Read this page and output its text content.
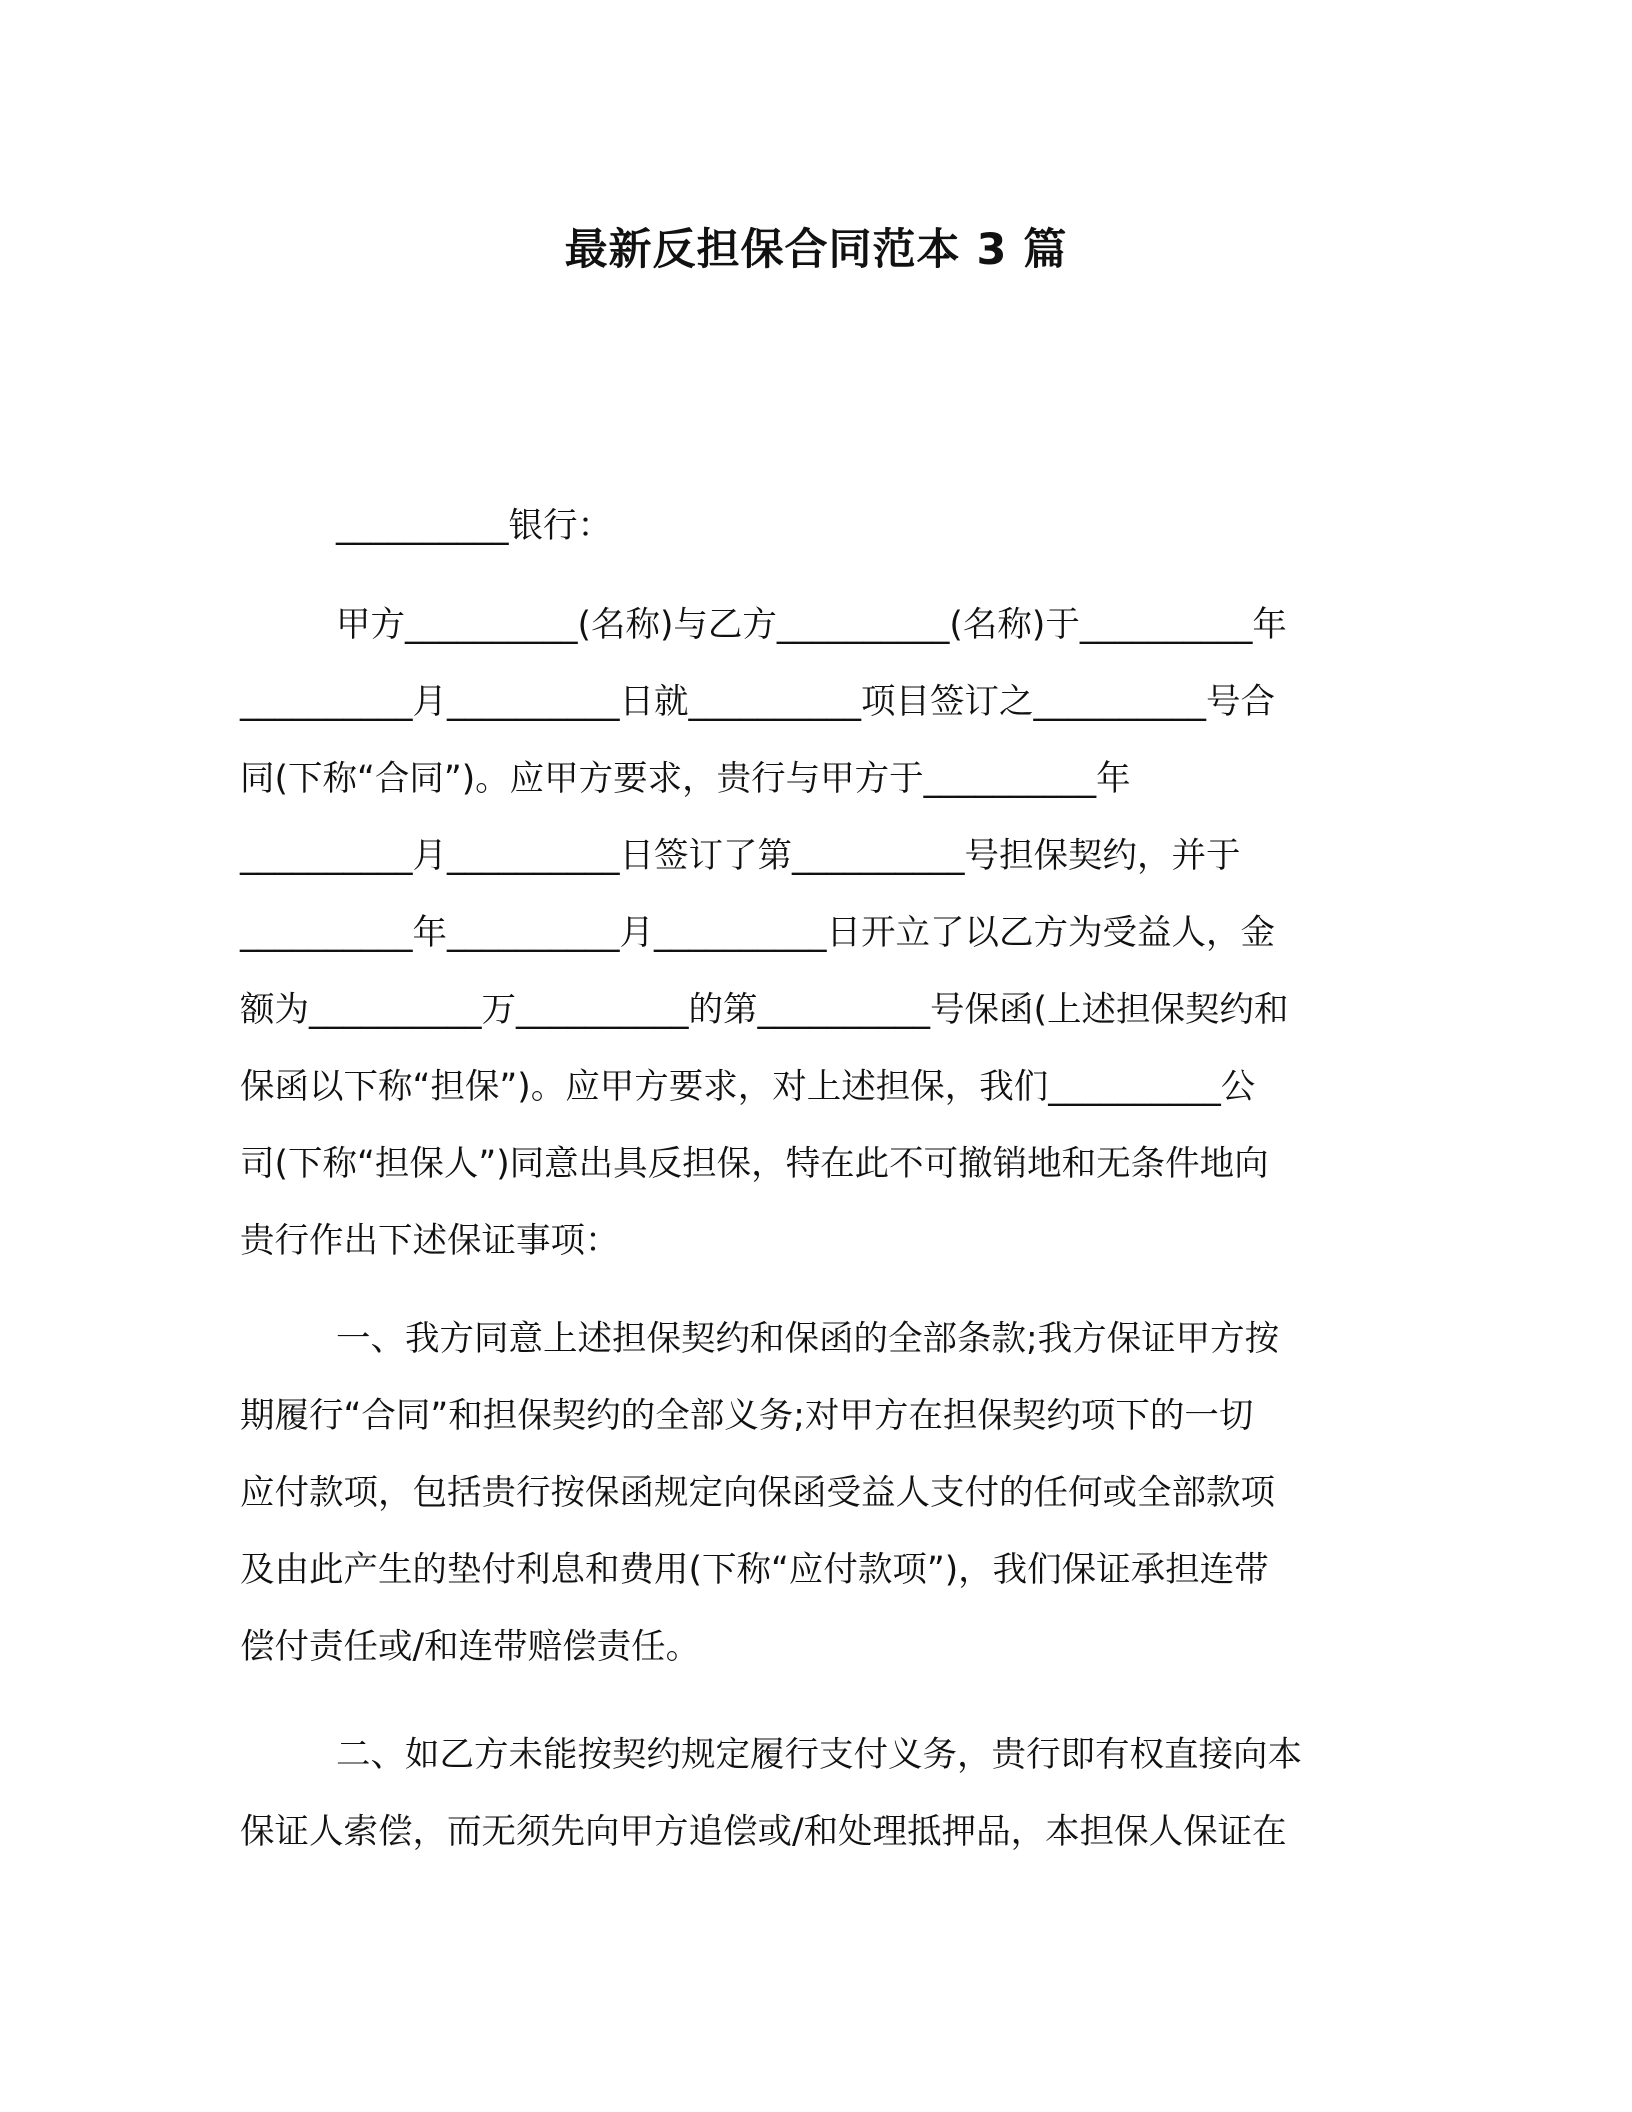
最新反担保合同范本 3 篇
__________银行：
甲方__________(名称)与乙方__________(名称)于__________年
__________月__________日就__________项目签订之__________号合
同(下称“合同”)。应甲方要求，贵行与甲方于__________年
__________月__________日签订了第__________号担保契约，并于
__________年__________月__________日开立了以乙方为受益人，金
额为__________万__________的第__________号保函(上述担保契约和
保函以下称“担保”)。应甲方要求，对上述担保，我们__________公
司(下称“担保人”)同意出具反担保，特在此不可撤销地和无条件地向
贵行作出下述保证事项：
一、我方同意上述担保契约和保函的全部条款;我方保证甲方按
期履行“合同”和担保契约的全部义务;对甲方在担保契约项下的一切
应付款项，包括贵行按保函规定向保函受益人支付的任何或全部款项
及由此产生的垫付利息和费用(下称“应付款项”)，我们保证承担连带
偿付责任或/和连带赔偿责任。
二、如乙方未能按契约规定履行支付义务，贵行即有权直接向本
保证人索偿，而无须先向甲方追偿或/和处理抵押品，本担保人保证在
